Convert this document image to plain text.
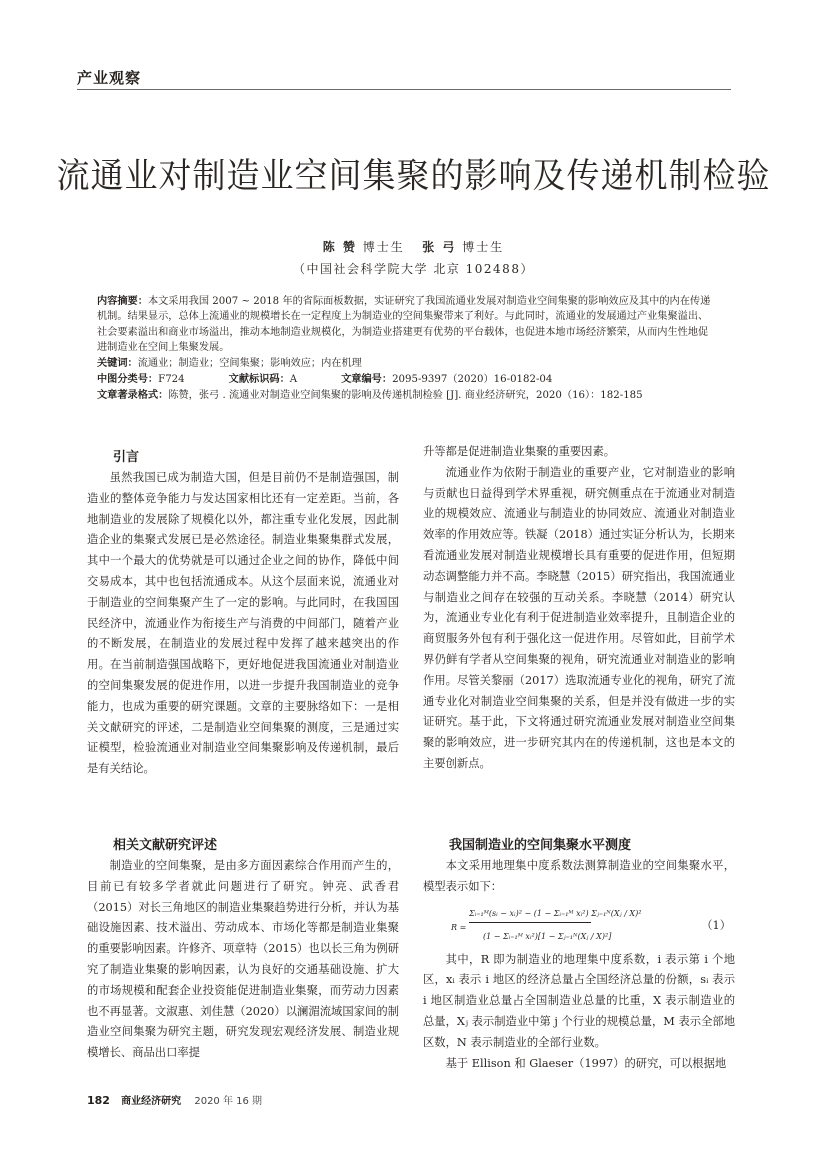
产业观察
流通业对制造业空间集聚的影响及传递机制检验
陈 赞 博士生 张 弓 博士生
（中国社会科学院大学 北京 102488）
内容摘要：本文采用我国 2007 ~ 2018 年的省际面板数据，实证研究了我国流通业发展对制造业空间集聚的影响效应及其中的内在传递机制。结果显示，总体上流通业的规模增长在一定程度上为制造业的空间集聚带来了利好。与此同时，流通业的发展通过产业集聚溢出、社会要素溢出和商业市场溢出，推动本地制造业规模化，为制造业搭建更有优势的平台载体，也促进本地市场经济繁荣，从而内生性地促进制造业在空间上集聚发展。
关键词：流通业；制造业；空间集聚；影响效应；内在机理
中图分类号：F724	文献标识码：A	文章编号：2095-9397（2020）16-0182-04
文章著录格式：陈赞，张弓 . 流通业对制造业空间集聚的影响及传递机制检验 [J]. 商业经济研究，2020（16）：182-185
引言

虽然我国已成为制造大国，但是目前仍不是制造强国，制造业的整体竞争能力与发达国家相比还有一定差距。当前，各地制造业的发展除了规模化以外，都注重专业化发展，因此制造企业的集聚式发展已是必然途径。制造业集聚集群式发展，其中一个最大的优势就是可以通过企业之间的协作，降低中间交易成本，其中也包括流通成本。从这个层面来说，流通业对于制造业的空间集聚产生了一定的影响。与此同时，在我国国民经济中，流通业作为衔接生产与消费的中间部门，随着产业的不断发展，在制造业的发展过程中发挥了越来越突出的作用。在当前制造强国战略下，更好地促进我国流通业对制造业的空间集聚发展的促进作用，以进一步提升我国制造业的竞争能力，也成为重要的研究课题。文章的主要脉络如下：一是相关文献研究的评述，二是制造业空间集聚的测度，三是通过实证模型，检验流通业对制造业空间集聚影响及传递机制，最后是有关结论。

升等都是促进制造业集聚的重要因素。

流通业作为依附于制造业的重要产业，它对制造业的影响与贡献也日益得到学术界重视，研究侧重点在于流通业对制造业的规模效应、流通业与制造业的协同效应、流通业对制造业效率的作用效应等。铁凝（2018）通过实证分析认为，长期来看流通业发展对制造业规模增长具有重要的促进作用，但短期动态调整能力并不高。李晓慧（2015）研究指出，我国流通业与制造业之间存在较强的互动关系。李晓慧（2014）研究认为，流通业专业化有利于促进制造业效率提升，且制造企业的商贸服务外包有利于强化这一促进作用。尽管如此，目前学术界仍鲜有学者从空间集聚的视角，研究流通业对制造业的影响作用。尽管关黎丽（2017）选取流通专业化的视角，研究了流通专业化对制造业空间集聚的关系，但是并没有做进一步的实证研究。基于此，下文将通过研究流通业发展对制造业空间集聚的影响效应，进一步研究其内在的传递机制，这也是本文的主要创新点。

相关文献研究评述

制造业的空间集聚，是由多方面因素综合作用而产生的，目前已有较多学者就此问题进行了研究。钟亮、武香君（2015）对长三角地区的制造业集聚趋势进行分析，并认为基础设施因素、技术溢出、劳动成本、市场化等都是制造业集聚的重要影响因素。许修齐、项章特（2015）也以长三角为例研究了制造业集聚的影响因素，认为良好的交通基础设施、扩大的市场规模和配套企业投资能促进制造业集聚，而劳动力因素也不再显著。文淑惠、刘佳慧（2020）以澜湄流域国家间的制造业空间集聚为研究主题，研究发现宏观经济发展、制造业规模增长、商品出口率提

我国制造业的空间集聚水平测度

本文采用地理集中度系数法测算制造业的空间集聚水平，模型表示如下：

R =
Σᵢ₌₁ᴹ(sᵢ − xᵢ)² − (1 − Σᵢ₌₁ᴹ xᵢ²) Σⱼ₌₁ᴺ(Xⱼ / X)²
(1 − Σᵢ₌₁ᴹ xᵢ²)[1 − Σⱼ₌₁ᴺ(Xⱼ / X)²]
（1）

其中，R 即为制造业的地理集中度系数，i 表示第 i 个地区，xᵢ 表示 i 地区的经济总量占全国经济总量的份额，sᵢ 表示 i 地区制造业总量占全国制造业总量的比重，X 表示制造业的总量，Xⱼ 表示制造业中第 j 个行业的规模总量，M 表示全部地区数，N 表示制造业的全部行业数。

基于 Ellison 和 Glaeser（1997）的研究，可以根据地

182 商业经济研究 2020 年 16 期
